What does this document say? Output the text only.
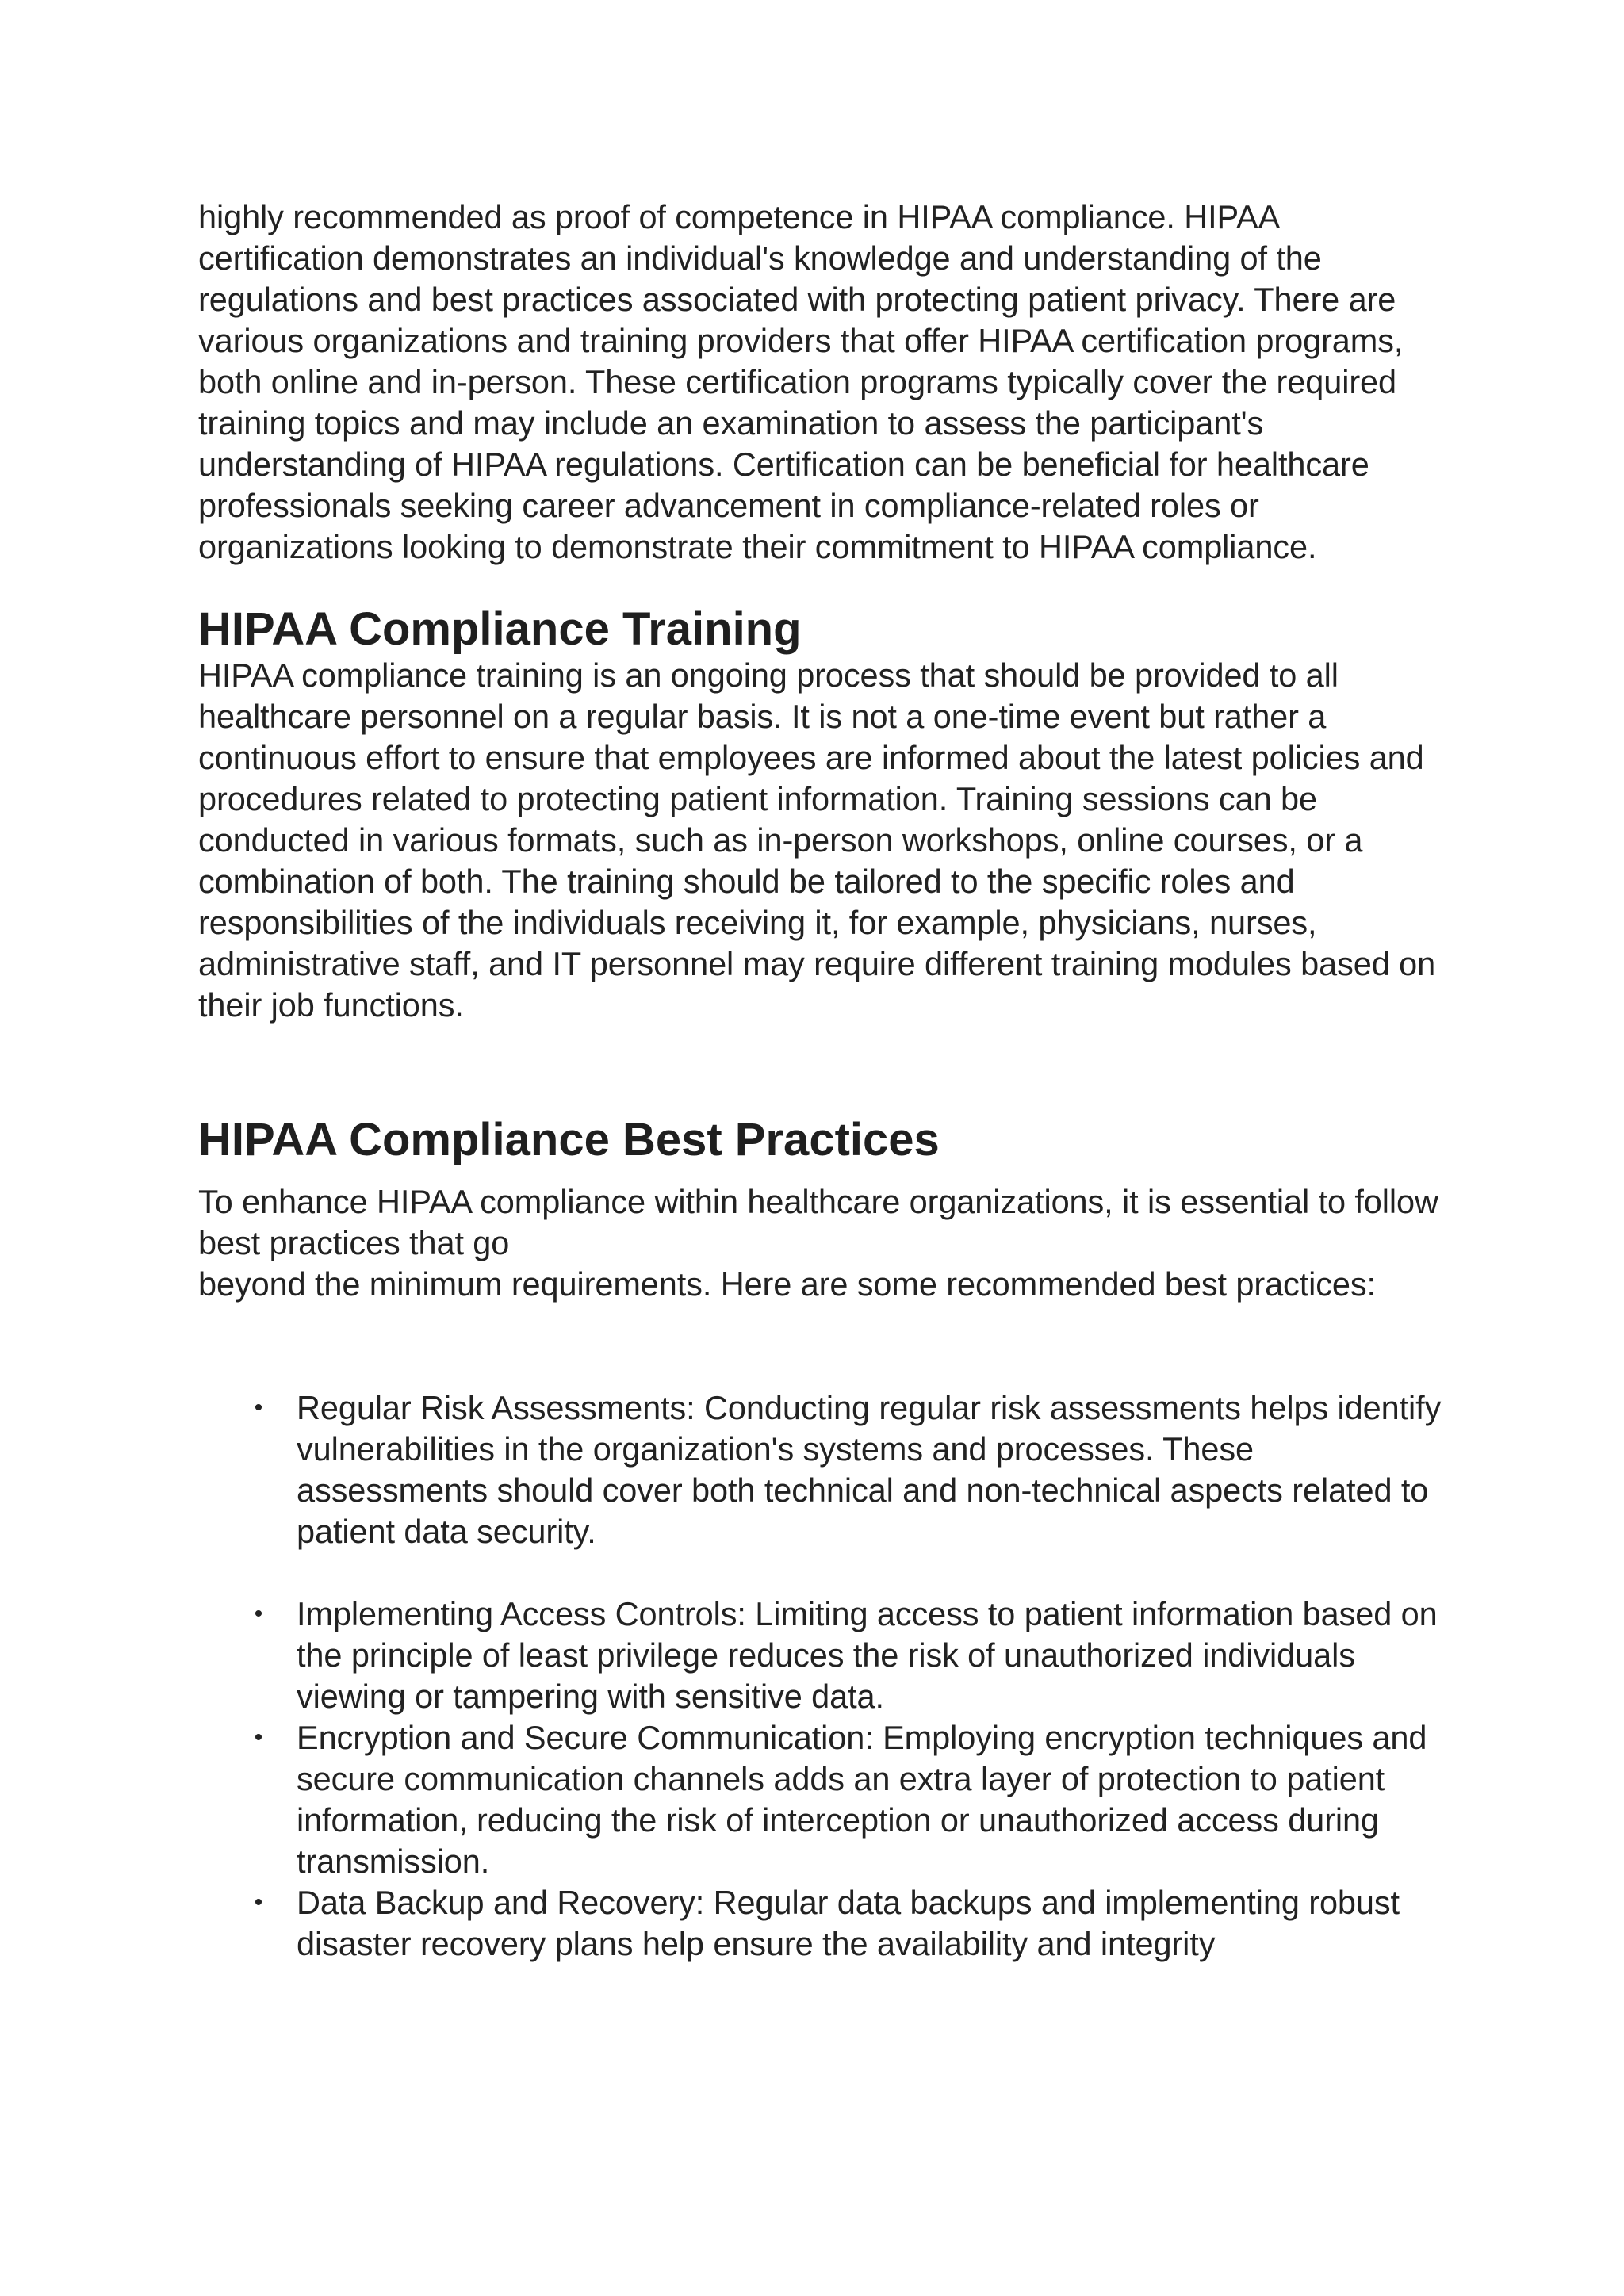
highly recommended as proof of competence in HIPAA compliance. HIPAA certification demonstrates an individual's knowledge and understanding of the regulations and best practices associated with protecting patient privacy. There are various organizations and training providers that offer HIPAA certification programs, both online and in-person. These certification programs typically cover the required training topics and may include an examination to assess the participant's understanding of HIPAA regulations. Certification can be beneficial for healthcare professionals seeking career advancement in compliance-related roles or organizations looking to demonstrate their commitment to HIPAA compliance.

HIPAA Compliance Training

HIPAA compliance training is an ongoing process that should be provided to all healthcare personnel on a regular basis. It is not a one-time event but rather a continuous effort to ensure that employees are informed about the latest policies and procedures related to protecting patient information. Training sessions can be conducted in various formats, such as in-person workshops, online courses, or a combination of both. The training should be tailored to the specific roles and responsibilities of the individuals receiving it, for example, physicians, nurses, administrative staff, and IT personnel may require different training modules based on their job functions.

HIPAA Compliance Best Practices

To enhance HIPAA compliance within healthcare organizations, it is essential to follow best practices that go

beyond the minimum requirements. Here are some recommended best practices:

• Regular Risk Assessments: Conducting regular risk assessments helps identify vulnerabilities in the organization's systems and processes. These assessments should cover both technical and non-technical aspects related to patient data security.
• Implementing Access Controls: Limiting access to patient information based on the principle of least privilege reduces the risk of unauthorized individuals viewing or tampering with sensitive data.
• Encryption and Secure Communication: Employing encryption techniques and secure communication channels adds an extra layer of protection to patient information, reducing the risk of interception or unauthorized access during transmission.
• Data Backup and Recovery: Regular data backups and implementing robust disaster recovery plans help ensure the availability and integrity
